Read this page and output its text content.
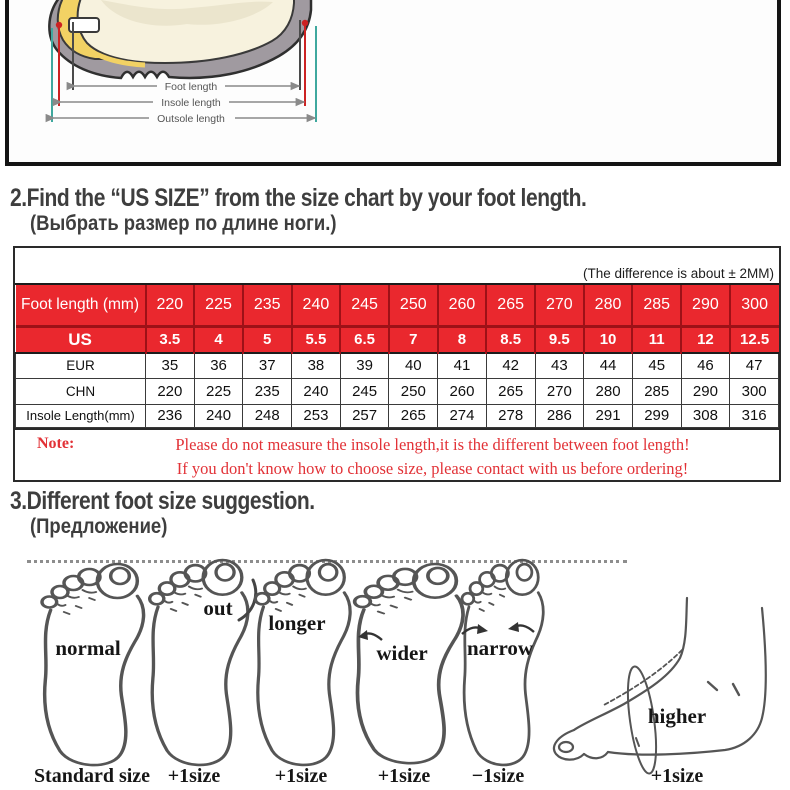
Foot length
Insole length
Outsole length
2.Find the “US SIZE” from the size chart by your foot length.
(Выбрать размер по длине ноги.)
(The difference is about ± 2MM)
Foot length (mm)	220	225	235	240	245	250	260	265	270	280	285	290	300
US	3.5	4	5	5.5	6.5	7	8	8.5	9.5	10	11	12	12.5
EUR	35	36	37	38	39	40	41	42	43	44	45	46	47
CHN	220	225	235	240	245	250	260	265	270	280	285	290	300
Insole Length(mm)	236	240	248	253	257	265	274	278	286	291	299	308	316
Note:	Please do not measure the insole length,it is the different between foot length!
If you don't know how to choose size, please contact with us before ordering!
3.Different foot size suggestion.
(Предложение)
normal
out
longer
wider narrow
higher
Standard size +1size	+1size	+1size −1size	+1size
